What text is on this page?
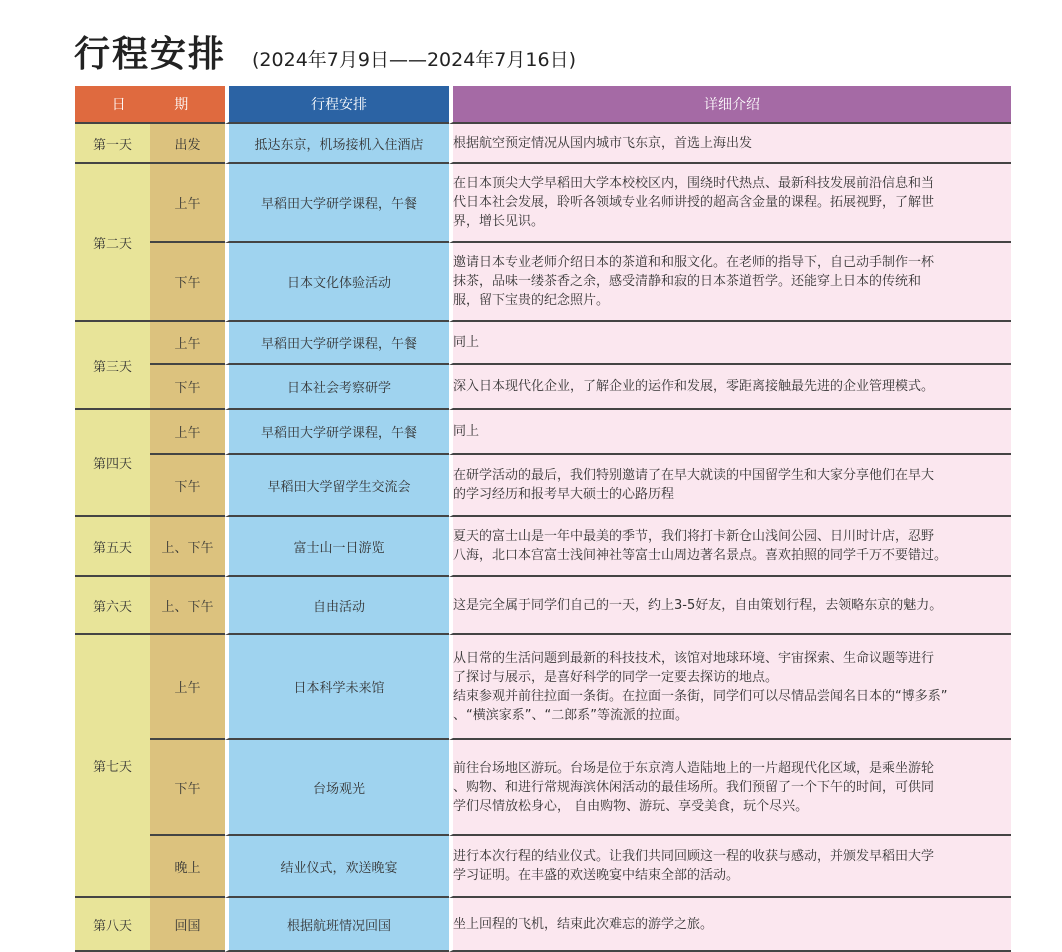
行程安排 (2024年7月9日——2024年7月16日)
日 期		行程安排	详细介绍
第一天	出发	抵达东京，机场接机入住酒店	根据航空预定情况从国内城市飞东京，首选上海出发

第二天	上午	早稻田大学研学课程，午餐	在日本顶尖大学早稻田大学本校校区内，围绕时代热点、最新科技发展前沿信息和当
代日本社会发展，聆听各领域专业名师讲授的超高含金量的课程。拓展视野，了解世
界，增长见识。

	下午	日本文化体验活动	邀请日本专业老师介绍日本的茶道和和服文化。在老师的指导下，自己动手制作一杯
抹茶，品味一缕茶香之余，感受清静和寂的日本茶道哲学。还能穿上日本的传统和
服，留下宝贵的纪念照片。

第三天	上午	早稻田大学研学课程，午餐	同上

	下午	日本社会考察研学	深入日本现代化企业，了解企业的运作和发展，零距离接触最先进的企业管理模式。

第四天	上午	早稻田大学研学课程，午餐	同上

	下午	早稻田大学留学生交流会	在研学活动的最后，我们特别邀请了在早大就读的中国留学生和大家分享他们在早大
的学习经历和报考早大硕士的心路历程

第五天	上、下午	富士山一日游览	夏天的富士山是一年中最美的季节，我们将打卡新仓山浅间公园、日川时计店，忍野
八海，北口本宫富士浅间神社等富士山周边著名景点。喜欢拍照的同学千万不要错过。

第六天	上、下午	自由活动	这是完全属于同学们自己的一天，约上3-5好友，自由策划行程，去领略东京的魅力。

第七天	上午	日本科学未来馆	从日常的生活问题到最新的科技技术，该馆对地球环境、宇宙探索、生命议题等进行
了探讨与展示，是喜好科学的同学一定要去探访的地点。
结束参观并前往拉面一条街。在拉面一条街，同学们可以尽情品尝闻名日本的“博多系”
、“横滨家系”、“二郎系”等流派的拉面。

	下午	台场观光	前往台场地区游玩。台场是位于东京湾人造陆地上的一片超现代化区域，是乘坐游轮
、购物、和进行常规海滨休闲活动的最佳场所。我们预留了一个下午的时间，可供同
学们尽情放松身心， 自由购物、游玩、享受美食，玩个尽兴。

	晚上	结业仪式，欢送晚宴	进行本次行程的结业仪式。让我们共同回顾这一程的收获与感动，并颁发早稻田大学
学习证明。在丰盛的欢送晚宴中结束全部的活动。

第八天	回国	根据航班情况回国	坐上回程的飞机，结束此次难忘的游学之旅。
